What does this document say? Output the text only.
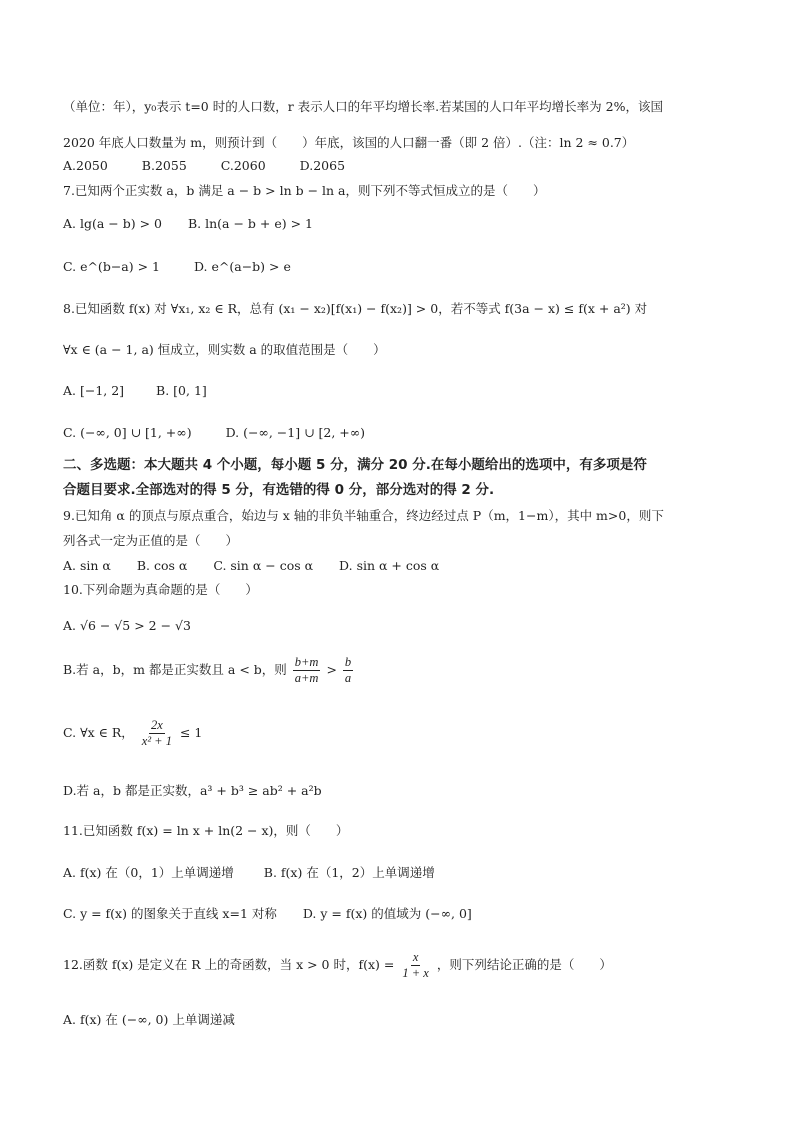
（单位：年），y₀表示 t=0 时的人口数，r 表示人口的年平均增长率.若某国的人口年平均增长率为 2%，该国
2020 年底人口数量为 m，则预计到（　　）年底，该国的人口翻一番（即 2 倍）.（注：ln 2 ≈ 0.7）
A.2050	B.2055	C.2060	D.2065
7.已知两个正实数 a，b 满足 a − b > ln b − ln a，则下列不等式恒成立的是（　　）
A. lg(a − b) > 0 B. ln(a − b + e) > 1
C. e^(b−a) > 1	D. e^(a−b) > e
8.已知函数 f(x) 对 ∀x₁, x₂ ∈ R，总有 (x₁ − x₂)[f(x₁) − f(x₂)] > 0，若不等式 f(3a − x) ≤ f(x + a²) 对
∀x ∈ (a − 1, a) 恒成立，则实数 a 的取值范围是（　　）
A. [−1, 2]	B. [0, 1]
C. (−∞, 0] ∪ [1, +∞)	D. (−∞, −1] ∪ [2, +∞)
二、多选题：本大题共 4 个小题，每小题 5 分，满分 20 分.在每小题给出的选项中，有多项是符
合题目要求.全部选对的得 5 分，有选错的得 0 分，部分选对的得 2 分.
9.已知角 α 的顶点与原点重合，始边与 x 轴的非负半轴重合，终边经过点 P（m，1−m），其中 m>0，则下
列各式一定为正值的是（　　）
A. sin α B. cos α C. sin α − cos α D. sin α + cos α
10.下列命题为真命题的是（　　）
A. √6 − √5 > 2 − √3
B.若 a，b，m 都是正实数且 a < b，则 $\frac{b+m}{a+m} > \frac{b}{a}$
C. ∀x ∈ R， $\frac{2x}{\text{x² + 1}} \le 1$
D.若 a，b 都是正实数，a³ + b³ ≥ ab² + a²b
11.已知函数 f(x) = ln x + ln(2 − x)，则（　　）
A. f(x) 在（0，1）上单调递增 B. f(x) 在（1，2）上单调递增
C. y = f(x) 的图象关于直线 x=1 对称 D. y = f(x) 的值域为 (−∞, 0]
12.函数 f(x) 是定义在 R 上的奇函数，当 x > 0 时，$f(x) = \frac{x}{1 + x}$ ，则下列结论正确的是（　　）
A. f(x) 在 (−∞, 0) 上单调递减
